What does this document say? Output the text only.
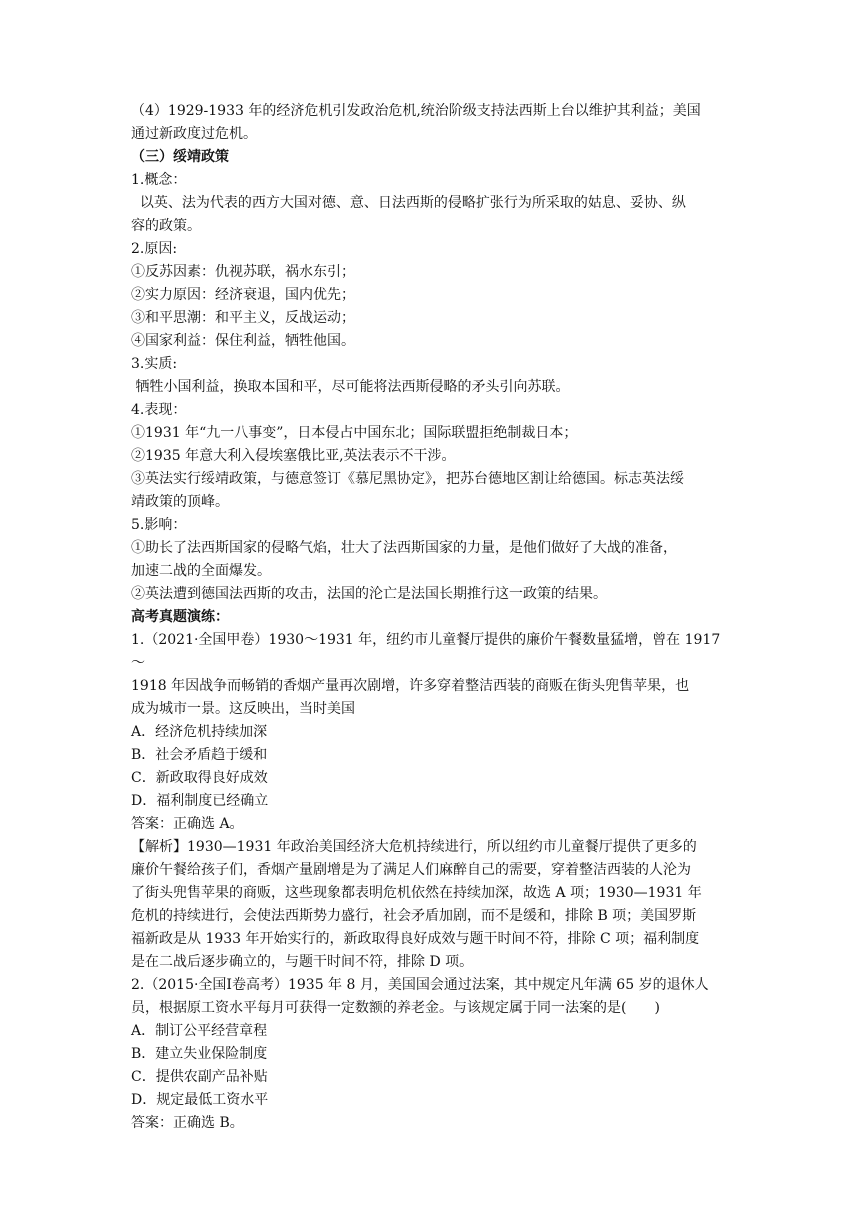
（4）1929-1933 年的经济危机引发政治危机,统治阶级支持法西斯上台以维护其利益；美国

通过新政度过危机。

（三）绥靖政策

1.概念：

以英、法为代表的西方大国对德、意、日法西斯的侵略扩张行为所采取的姑息、妥协、纵

容的政策。

2.原因:

①反苏因素：仇视苏联，祸水东引；

②实力原因：经济衰退，国内优先；

③和平思潮：和平主义，反战运动；

④国家利益：保住利益，牺牲他国。

3.实质:

牺牲小国利益，换取本国和平，尽可能将法西斯侵略的矛头引向苏联。

4.表现：

①1931 年“九一八事变”，日本侵占中国东北；国际联盟拒绝制裁日本；

②1935 年意大利入侵埃塞俄比亚,英法表示不干涉。

③英法实行绥靖政策，与德意签订《慕尼黑协定》，把苏台德地区割让给德国。标志英法绥

靖政策的顶峰。

5.影响：

①助长了法西斯国家的侵略气焰，壮大了法西斯国家的力量，是他们做好了大战的准备，

加速二战的全面爆发。

②英法遭到德国法西斯的攻击，法国的沦亡是法国长期推行这一政策的结果。

高考真题演练：

1.（2021·全国甲卷）1930～1931 年，纽约市儿童餐厅提供的廉价午餐数量猛增，曾在 1917～

1918 年因战争而畅销的香烟产量再次剧增，许多穿着整洁西装的商贩在街头兜售苹果，也

成为城市一景。这反映出，当时美国

A．经济危机持续加深

B．社会矛盾趋于缓和

C．新政取得良好成效

D．福利制度已经确立

答案：正确选 A。

【解析】1930—1931 年政治美国经济大危机持续进行，所以纽约市儿童餐厅提供了更多的

廉价午餐给孩子们，香烟产量剧增是为了满足人们麻醉自己的需要，穿着整洁西装的人沦为

了街头兜售苹果的商贩，这些现象都表明危机依然在持续加深，故选 A 项；1930—1931 年

危机的持续进行，会使法西斯势力盛行，社会矛盾加剧，而不是缓和，排除 B 项；美国罗斯

福新政是从 1933 年开始实行的，新政取得良好成效与题干时间不符，排除 C 项；福利制度

是在二战后逐步确立的，与题干时间不符，排除 D 项。

2.（2015·全国Ⅰ卷高考）1935 年 8 月，美国国会通过法案，其中规定凡年满 65 岁的退休人

员，根据原工资水平每月可获得一定数额的养老金。与该规定属于同一法案的是(　　)

A．制订公平经营章程

B．建立失业保险制度

C．提供农副产品补贴

D．规定最低工资水平

答案：正确选 B。
